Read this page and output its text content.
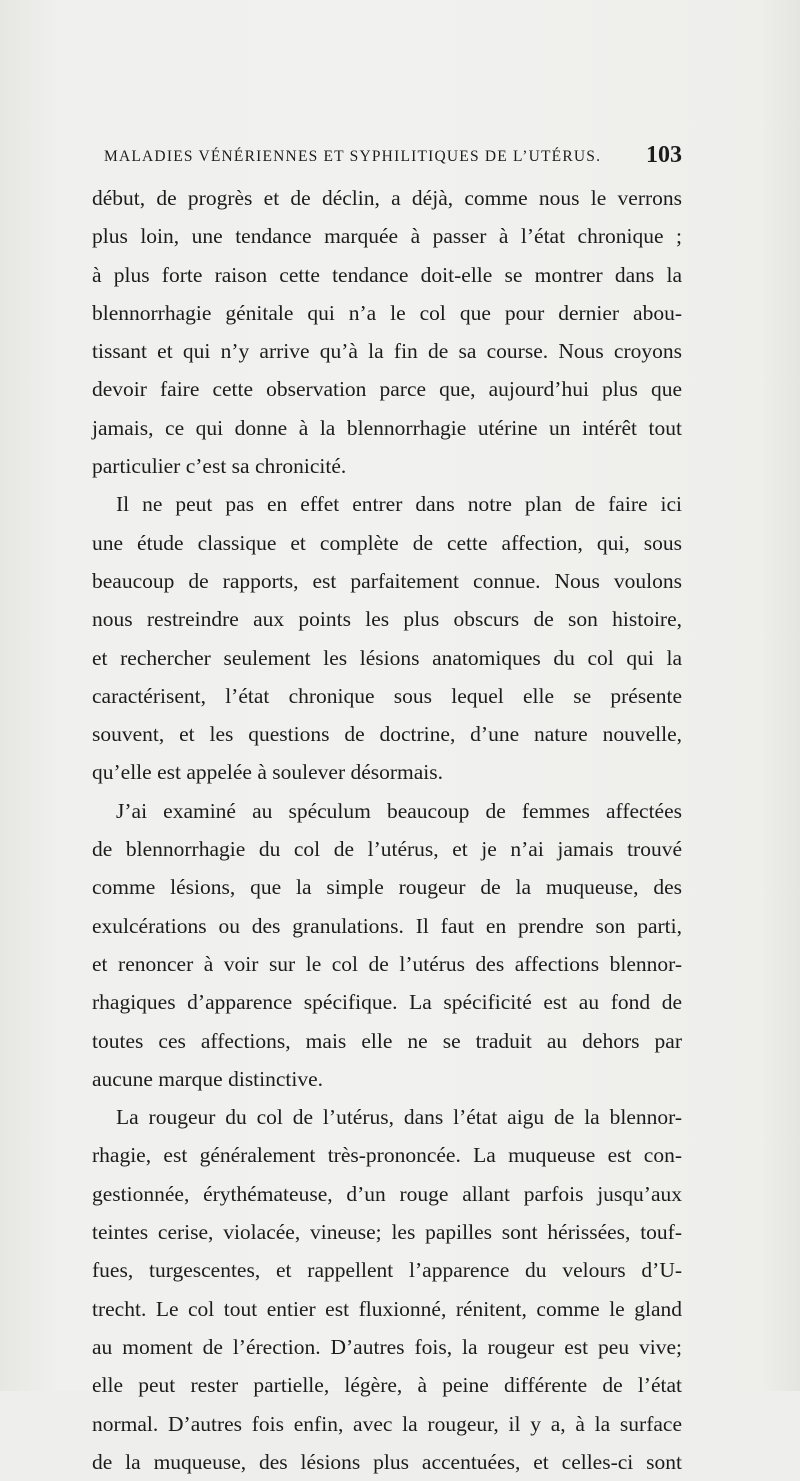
MALADIES VÉNÉRIENNES ET SYPHILITIQUES DE L’UTÉRUS. 103
début, de progrès et de déclin, a déjà, comme nous le verrons
plus loin, une tendance marquée à passer à l’état chronique ;
à plus forte raison cette tendance doit-elle se montrer dans la
blennorrhagie génitale qui n’a le col que pour dernier abou-
tissant et qui n’y arrive qu’à la fin de sa course. Nous croyons
devoir faire cette observation parce que, aujourd’hui plus que
jamais, ce qui donne à la blennorrhagie utérine un intérêt tout
particulier c’est sa chronicité.
Il ne peut pas en effet entrer dans notre plan de faire ici
une étude classique et complète de cette affection, qui, sous
beaucoup de rapports, est parfaitement connue. Nous voulons
nous restreindre aux points les plus obscurs de son histoire,
et rechercher seulement les lésions anatomiques du col qui la
caractérisent, l’état chronique sous lequel elle se présente
souvent, et les questions de doctrine, d’une nature nouvelle,
qu’elle est appelée à soulever désormais.
J’ai examiné au spéculum beaucoup de femmes affectées
de blennorrhagie du col de l’utérus, et je n’ai jamais trouvé
comme lésions, que la simple rougeur de la muqueuse, des
exulcérations ou des granulations. Il faut en prendre son parti,
et renoncer à voir sur le col de l’utérus des affections blennor-
rhagiques d’apparence spécifique. La spécificité est au fond de
toutes ces affections, mais elle ne se traduit au dehors par
aucune marque distinctive.
La rougeur du col de l’utérus, dans l’état aigu de la blennor-
rhagie, est généralement très-prononcée. La muqueuse est con-
gestionnée, érythémateuse, d’un rouge allant parfois jusqu’aux
teintes cerise, violacée, vineuse; les papilles sont hérissées, touf-
fues, turgescentes, et rappellent l’apparence du velours d’U-
trecht. Le col tout entier est fluxionné, rénitent, comme le gland
au moment de l’érection. D’autres fois, la rougeur est peu vive;
elle peut rester partielle, légère, à peine différente de l’état
normal. D’autres fois enfin, avec la rougeur, il y a, à la surface
de la muqueuse, des lésions plus accentuées, et celles-ci sont
